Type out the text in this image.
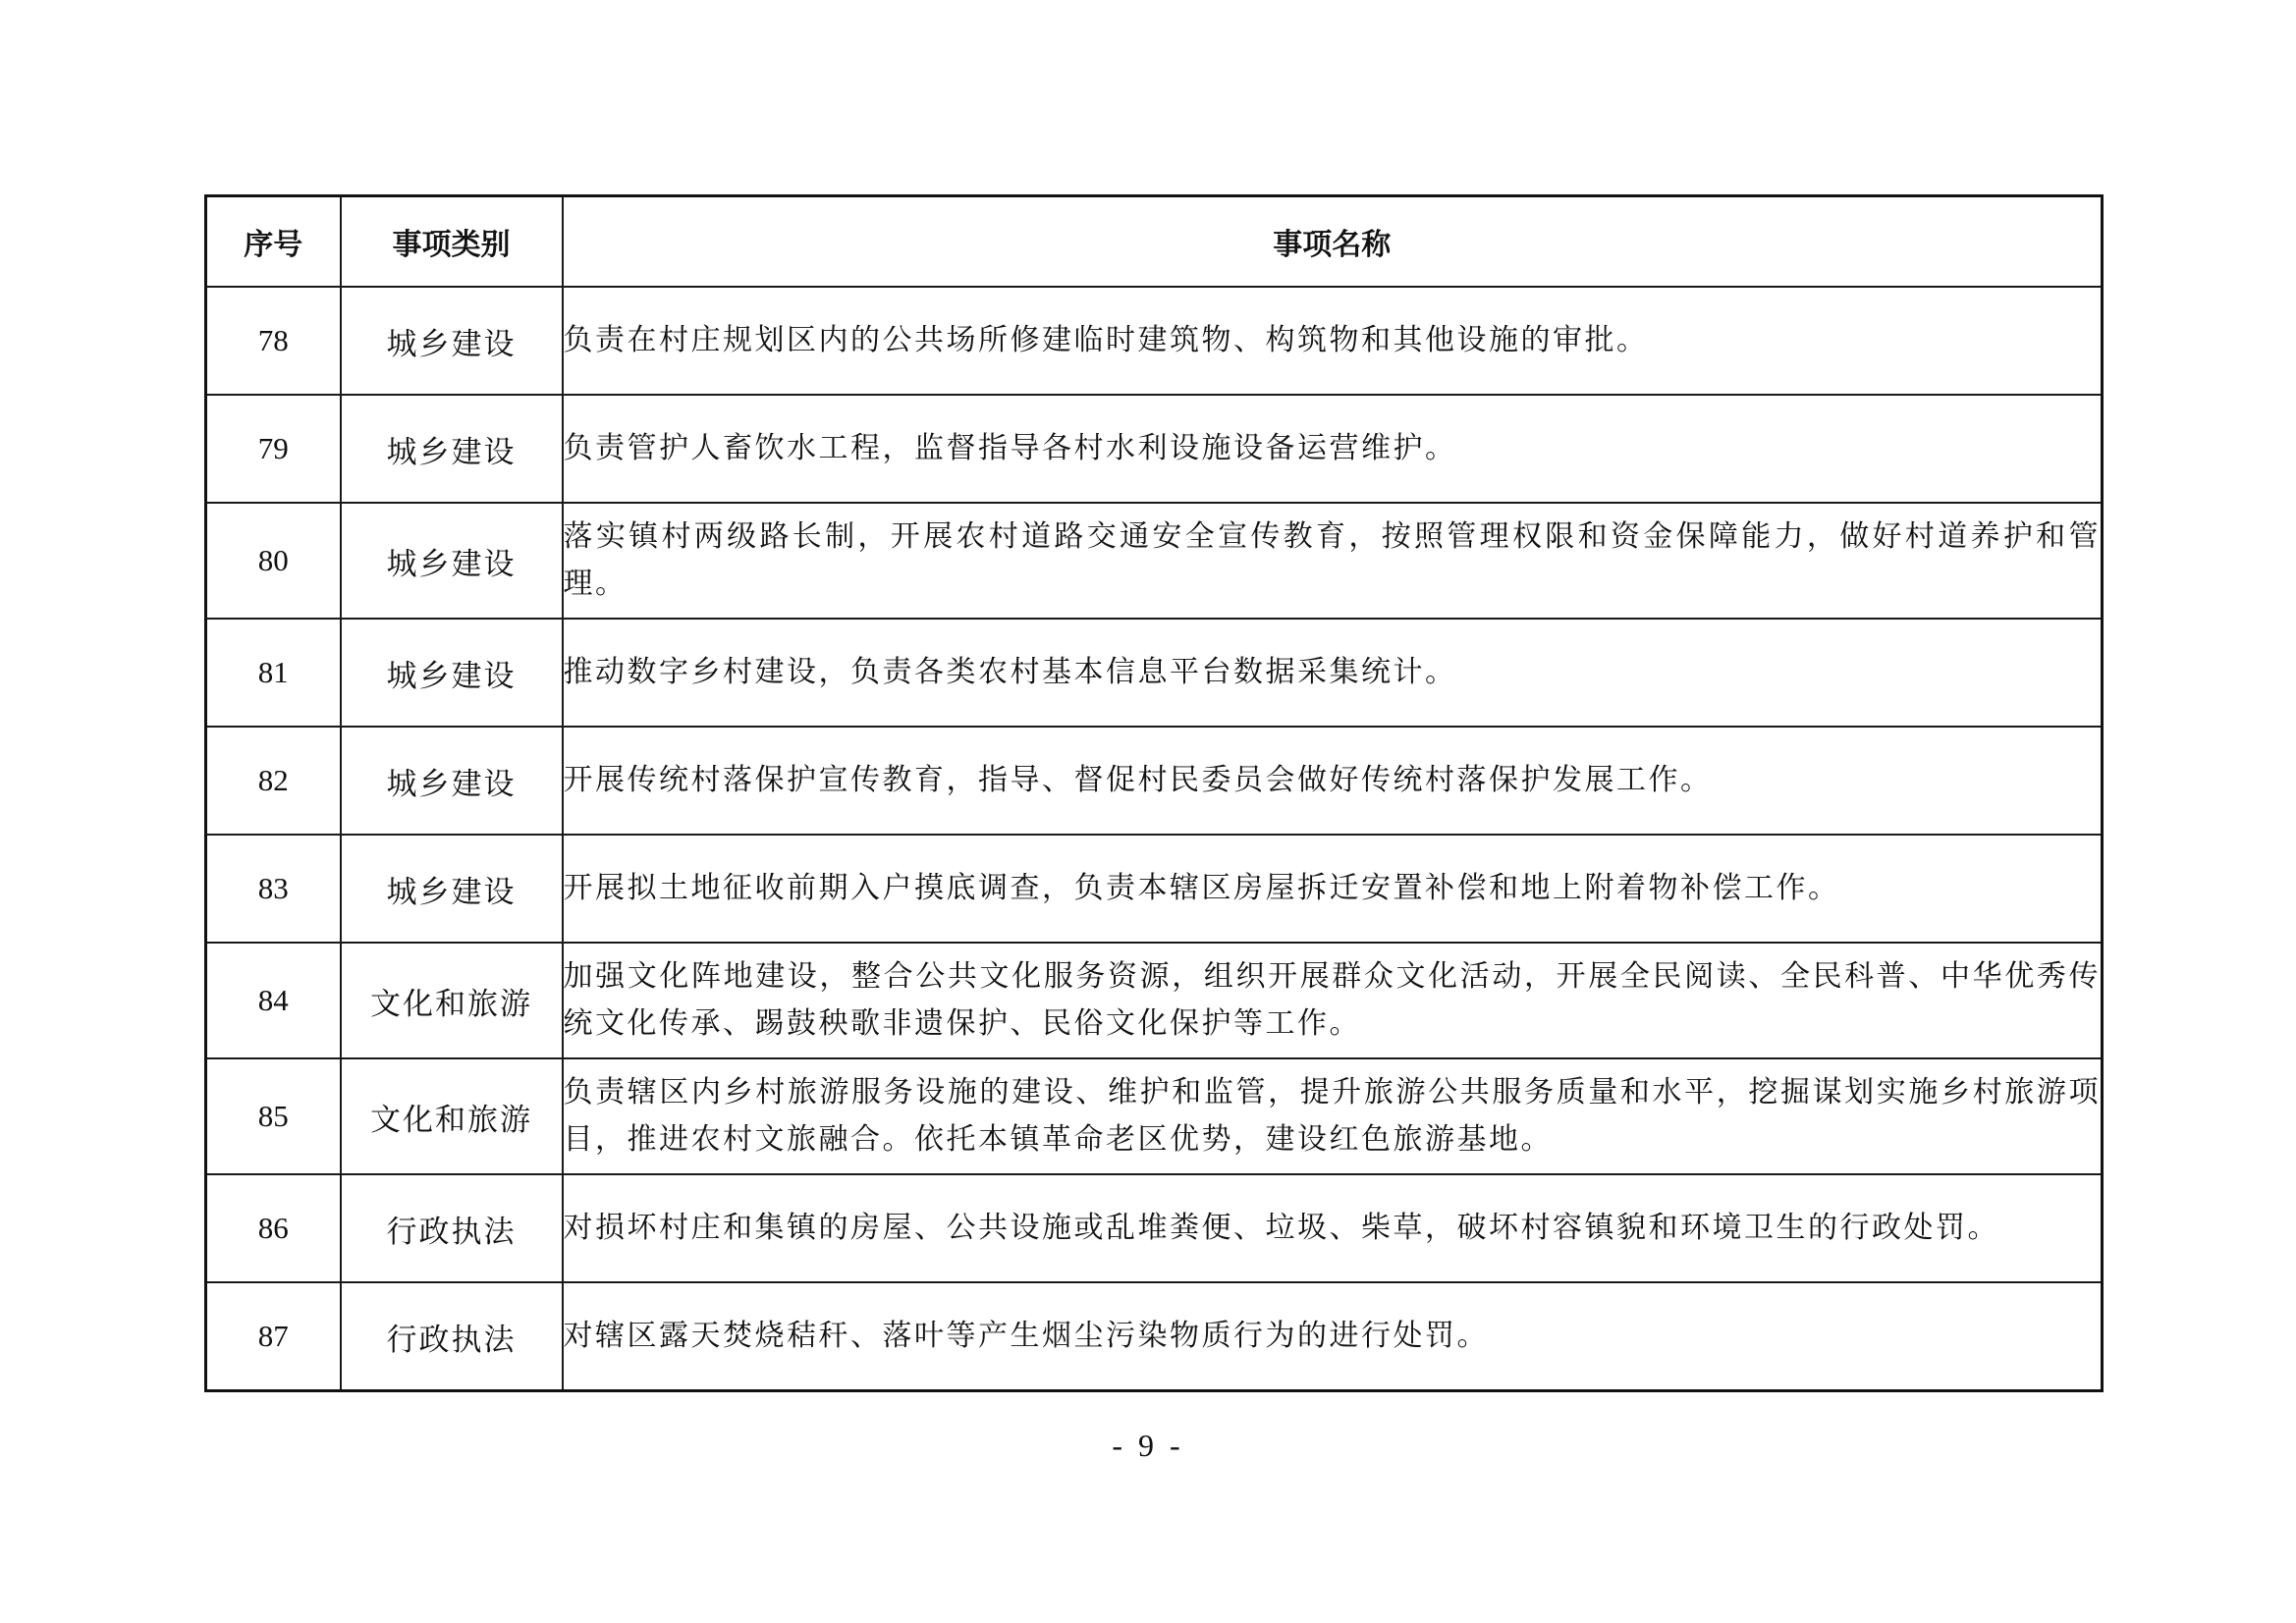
序号	事项类别	事项名称
78	城乡建设	负责在村庄规划区内的公共场所修建临时建筑物、构筑物和其他设施的审批。
79	城乡建设	负责管护人畜饮水工程，监督指导各村水利设施设备运营维护。
80	城乡建设	落实镇村两级路长制，开展农村道路交通安全宣传教育，按照管理权限和资金保障能力，做好村道养护和管理。
81	城乡建设	推动数字乡村建设，负责各类农村基本信息平台数据采集统计。
82	城乡建设	开展传统村落保护宣传教育，指导、督促村民委员会做好传统村落保护发展工作。
83	城乡建设	开展拟土地征收前期入户摸底调查，负责本辖区房屋拆迁安置补偿和地上附着物补偿工作。
84	文化和旅游	加强文化阵地建设，整合公共文化服务资源，组织开展群众文化活动，开展全民阅读、全民科普、中华优秀传统文化传承、踢鼓秧歌非遗保护、民俗文化保护等工作。
85	文化和旅游	负责辖区内乡村旅游服务设施的建设、维护和监管，提升旅游公共服务质量和水平，挖掘谋划实施乡村旅游项目，推进农村文旅融合。依托本镇革命老区优势，建设红色旅游基地。
86	行政执法	对损坏村庄和集镇的房屋、公共设施或乱堆粪便、垃圾、柴草，破坏村容镇貌和环境卫生的行政处罚。
87	行政执法	对辖区露天焚烧秸秆、落叶等产生烟尘污染物质行为的进行处罚。
- 9 -
